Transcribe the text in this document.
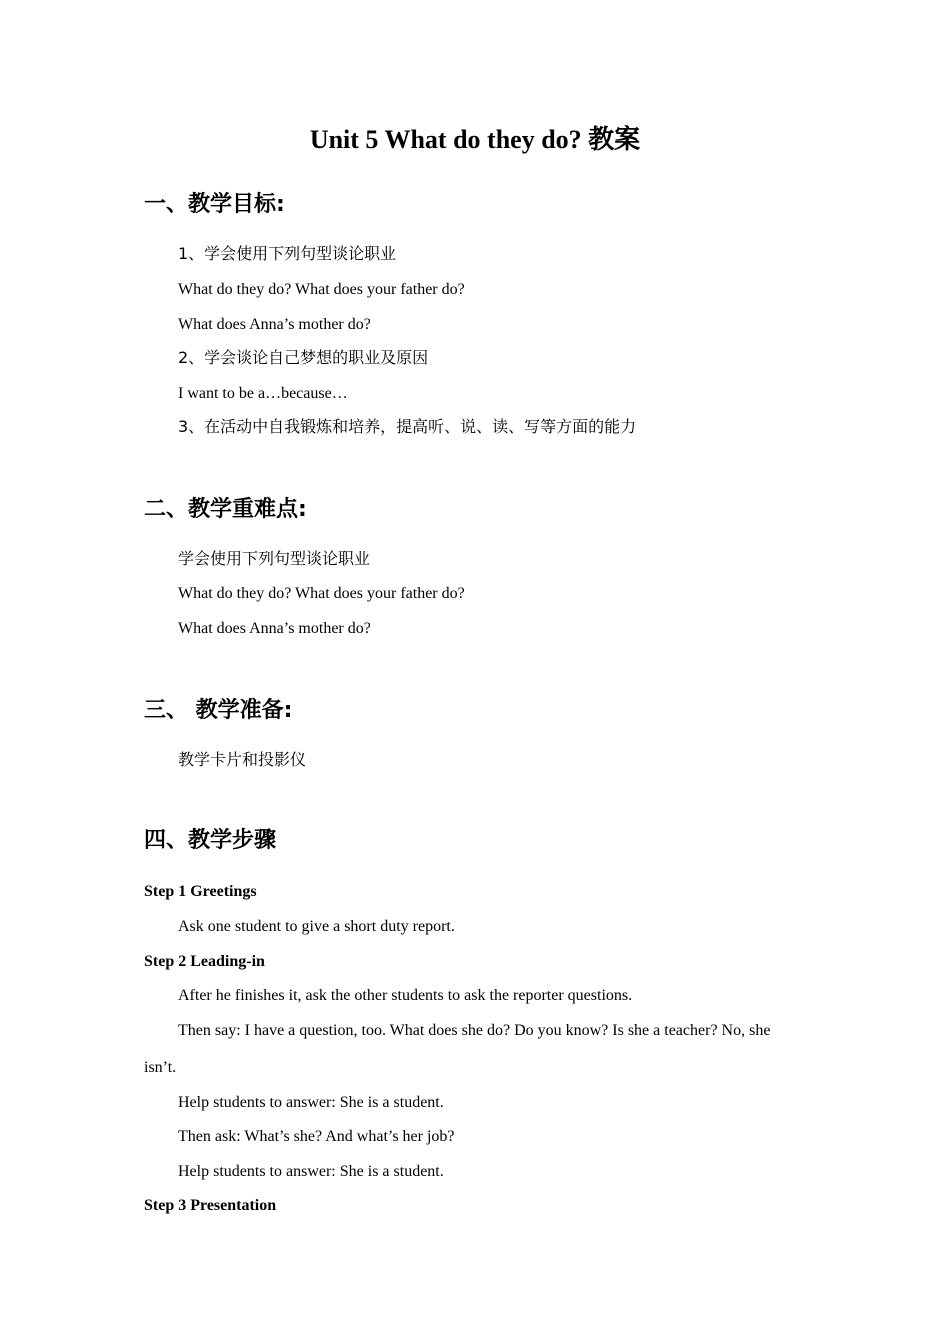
Unit 5 What do they do? 教案
一、教学目标:
1、学会使用下列句型谈论职业
What do they do? What does your father do?
What does Anna’s mother do?
2、学会谈论自己梦想的职业及原因
I want to be a…because…
3、在活动中自我锻炼和培养，提高听、说、读、写等方面的能力
二、教学重难点:
学会使用下列句型谈论职业
What do they do? What does your father do?
What does Anna’s mother do?
三、 教学准备:
教学卡片和投影仪
四、教学步骤
Step 1 Greetings
Ask one student to give a short duty report.
Step 2 Leading-in
After he finishes it, ask the other students to ask the reporter questions.
Then say: I have a question, too. What does she do? Do you know? Is she a teacher? No, she
isn’t.
Help students to answer: She is a student.
Then ask: What’s she? And what’s her job?
Help students to answer: She is a student.
Step 3 Presentation
